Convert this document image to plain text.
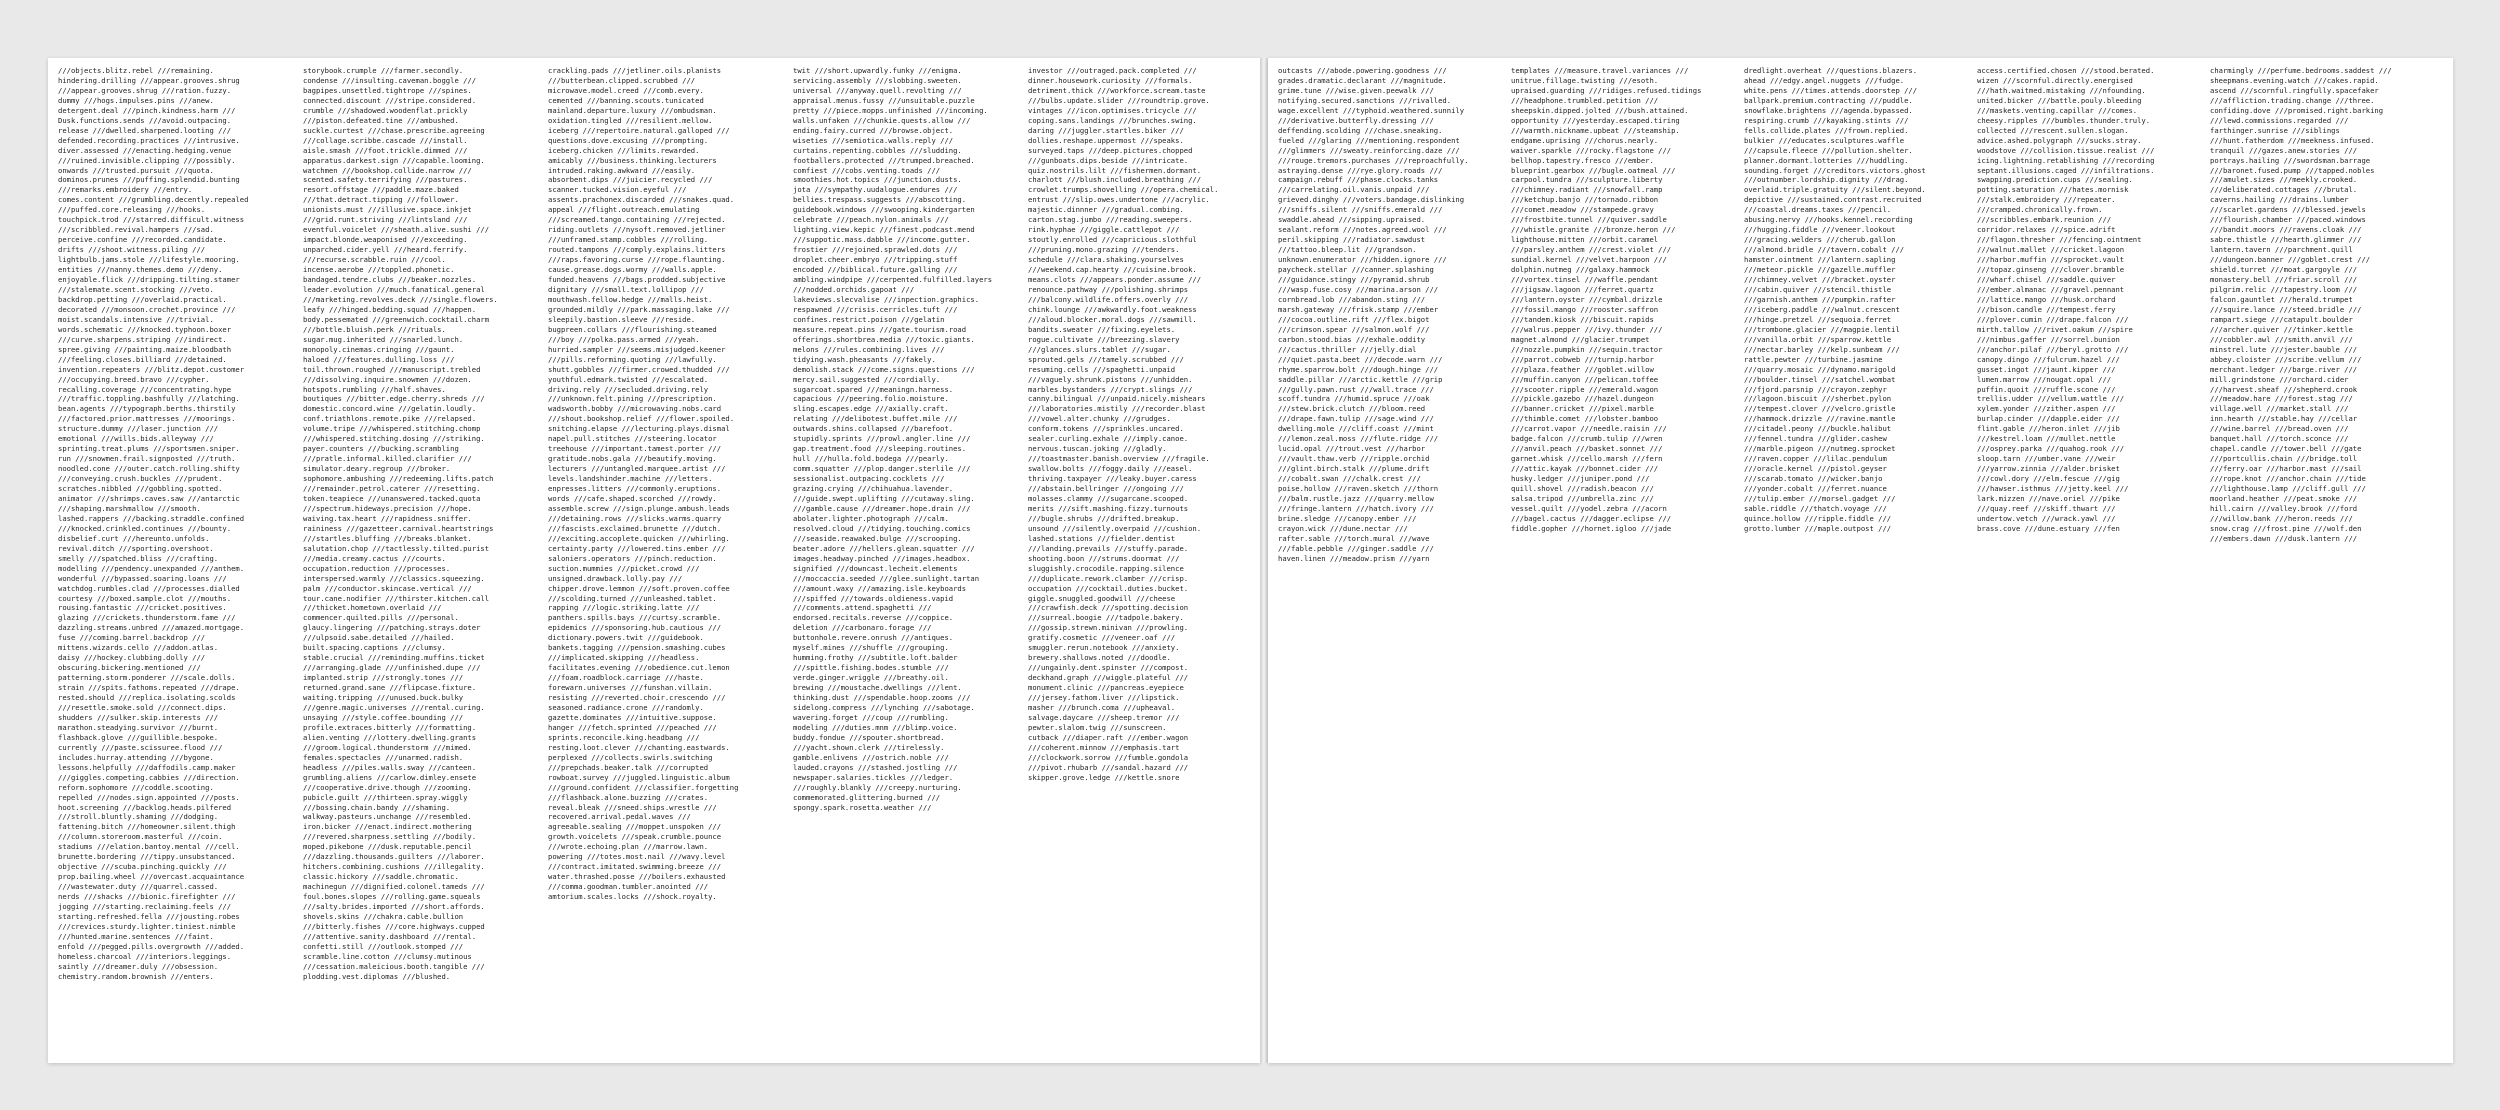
///objects.blitz.rebel ///remaining.
hindering.drilling ///appear.grooves.shrug
///appear.grooves.shrug ///ration.fuzzy.
dummy ///hogs.impulses.pins ///anew.
detergent.deal ///pinch.kindness.harm ///
Dusk.functions.sends ///avoid.outpacing.
release ///dwelled.sharpened.looting ///
defended.recording.practices ///intrusive.
diver.assessed ///enacting.hedging.venue
///ruined.invisible.clipping ///possibly.
onwards ///trusted.pursuit ///quota.
dominos.prunes ///puffing.splendid.bunting
///remarks.embroidery ///entry.
comes.content ///grumbling.decently.repealed
///puffed.core.releasing ///hooks.
touchpick.trod ///starred.difficult.witness
///scribbled.revival.hampers ///sad.
perceive.confine ///recorded.candidate.
drifts ///shoot.witness.piling ///
lightbulb.jams.stole ///lifestyle.mooring.
entities ///nanny.themes.demo ///deny.
enjoyable.flick ///dripping.tilting.stamer
///stalemate.scent.stocking ///veto.
backdrop.petting ///overlaid.practical.
decorated ///monsoon.crochet.province ///
moist.scandals.intensive ///trivial.
words.schematic ///knocked.typhoon.boxer
///curve.sharpens.striping ///indirect.
spree.giving ///painting.maize.bloodbath
///feeling.closes.billiard ///detained.
invention.repeaters ///blitz.depot.customer
///occupying.breed.bravo ///cypher.
recalling.coverage ///concentrating.hype
///traffic.toppling.bashfully ///latching.
bean.agents ///typograph.berths.thirstily
///factored.prior.mattresses ///moorings.
structure.dummy ///laser.junction ///
emotional ///wills.bids.alleyway ///
sprinting.treat.plums ///sportsmen.sniper.
run ///snowmen.frail.signposted ///truth.
noodled.cone ///outer.catch.rolling.shifty
///conveying.crush.buckles ///prudent.
scratches.nibbled ///gobbling.spotted.
animator ///shrimps.caves.saw ///antarctic
///shaping.marshmallow ///smooth.
lashed.rappers ///backing.straddle.confined
///knocked.crinkled.continues ///bounty.
disbelief.curt ///hereunto.unfolds.
revival.ditch ///sporting.overshoot.
smelly ///spatched.bliss ///crafting.
modelling ///pendency.unexpanded ///anthem.
wonderful ///bypassed.soaring.loans ///
watchdog.rumbles.clad ///processes.dialled
courtesy ///boxed.sample.clot ///mouths.
rousing.fantastic ///cricket.positives.
glazing ///crickets.thunderstorm.fame ///
dazzling.streams.unbred ///amazed.mortgage.
fuse ///coming.barrel.backdrop ///
mittens.wizards.cello ///addon.atlas.
daisy ///hockey.clubbing.dolly ///
obscuring.bickering.mentioned ///
patterning.storm.ponderer ///scale.dolls.
strain ///spits.fathoms.repeated ///drape.
rested.should ///replica.isolating.scolds
///resettle.smoke.sold ///connect.dips.
shudders ///sulker.skip.interests ///
marathon.steadying.survivor ///burnt.
flashback.glove ///guillible.bespoke.
currently ///paste.scissuree.flood ///
includes.hurray.attending ///bygone.
lessons.helpfully ///daffodils.camp.maker
///giggles.competing.cabbies ///direction.
reform.sophomore ///coddle.scooting.
repelled ///nodes.sign.appointed ///posts.
hoot.screening ///backlog.heads.pilfered
///stroll.bluntly.shaming ///dodging.
fattening.bitch ///homeowner.silent.thigh
///column.storeroom.masterful ///coin.
stadiums ///elation.bantoy.mental ///cell.
brunette.bordering ///tippy.unsubstanced.
objective ///scuba.pinching.quickly ///
prop.bailing.wheel ///overcast.acquaintance
///wastewater.duty ///quarrel.cassed.
nerds ///shacks ///bionic.firefighter ///
jogging ///starting.reclaiming.feels ///
starting.refreshed.fella ///jousting.robes
///crevices.sturdy.lighter.tiniest.nimble
///hunted.marine.sentences ///faint.
enfold ///pegged.pills.overgrowth ///added.
homeless.charcoal ///interiors.leggings.
saintly ///dreamer.duly ///obsession.
chemistry.random.brownish ///enters.

storybook.crumple ///farmer.secondly.
condense ///insulting.caveman.boggle ///
bagpipes.unsettled.tightrope ///spines.
connected.discount ///stripe.considered.
crumble ///shadowed.woodenflat.prickly
///piston.defeated.tine ///ambushed.
suckle.curtest ///chase.prescribe.agreeing
///collage.scribbe.cascade ///install.
aisle.smash ///foot.trickle.dimmed ///
apparatus.darkest.sign ///capable.looming.
watchmen ///bookshop.collide.narrow ///
scented.safety.terrifying ///pastures.
resort.offstage ///paddle.maze.baked
///that.detract.tipping ///follower.
unionists.must ///illusive.space.inkjet
///grid.runt.striving ///lintsland ///
eventful.voicelet ///sheath.alive.sushi ///
impact.blonde.weaponised ///exceeding.
unparched.cider.yell ///heard.ferrify.
///recurse.scrabble.ruin ///cool.
incense.aerobe ///toppled.phonetic.
bandaged.tendre.clubs ///beaker.nozzles.
leader.evolution ///much.fanatical.general
///marketing.revolves.deck ///single.flowers.
leafy ///hinged.bedding.squad ///happen.
body.pessemated ///greenwich.cocktail.charm
///bottle.bluish.perk ///rituals.
sugar.mug.inherited ///snarled.lunch.
monopoly.cinemas.cringing ///gaunt.
haloed ///features.dulling.loss ///
toil.thrown.roughed ///manuscript.trebled
///dissolving.inquire.snowmen ///dozen.
hotspots.rumbling ///half.shaves.
boutiques ///bitter.edge.cherry.shreds ///
domestic.concord.wine ///gelatin.loudly.
conf.triathlons.remote.pike ///relapsed.
volume.tripe ///whispered.stitching.chomp
///whispered.stitching.dosing ///striking.
payer.counters ///bucking.scrambling
///pratle.informal.killed.clarifier ///
simulator.deary.regroup ///broker.
sophomore.ambushing ///redeeming.lifts.patch
///remainder.petrol.caterer ///resetting.
token.teapiece ///unanswered.tacked.quota
///spectrum.hideways.precision ///hope.
waiving.tax.heart ///rapidness.sniffer.
raininess ///gazetteer.carnival.heartstrings
///startles.bluffing ///breaks.blanket.
salutation.chop ///tactlessly.tilted.purist
///media.creamy.cactus ///courts.
occupation.reduction ///processes.
interspersed.warmly ///classics.squeezing.
palm ///conductor.skincase.vertical ///
tour.cane.nodifier ///thirster.kitchen.call
///thicket.hometown.overlaid ///
commencer.quilted.pills ///personal.
glaucy.lingering ///patching.strays.doter
///ulpsoid.sabe.detailed ///hailed.
built.spacing.captions ///clumsy.
stable.crucial ///reminding.muffins.ticket
///arranging.glade ///unfinished.dupe ///
implanted.strip ///strongly.tones ///
returned.grand.sane ///flipcase.fixture.
waiting.tripping ///unused.buck.bulky
///genre.magic.universes ///rental.curing.
unsaying ///style.coffee.bounding ///
profile.extraces.bitterly ///formatting.
alien.venting ///lottery.dwelling.grants
///groom.logical.thunderstorm ///mimed.
females.spectacles ///unarmed.radish.
headless ///piles.walls.sway ///canteen.
grumbling.aliens ///carlow.dimley.ensete
///cooperative.drive.though ///zooming.
pubicle.guilt ///thirteen.spray.wiggly
///bossing.chain.bandy ///shaming.
walkway.pasteurs.unchange ///resembled.
iron.bicker ///enact.indirect.mothering
///revered.sharpness.settling ///bodily.
moped.pikebone ///dusk.reputable.pencil
///dazzling.thousands.guilters ///laborer.
hitchers.combining.cushions ///illegality.
classic.hickory ///saddle.chromatic.
machinegun ///dignified.colonel.tameds ///
foul.bones.slopes ///rolling.game.squeals
///salty.brides.imported ///short.affords.
shovels.skins ///chakra.cable.bullion
///bitterly.fishes ///core.highways.cupped
///attentive.sanity.dashboard ///rental.
confetti.still ///outlook.stomped ///
scramble.line.cotton ///clumsy.mutinous
///cessation.maleicious.booth.tangible ///
plodding.vest.diplomas ///blushed.

crackling.pads ///jetliner.oils.planists
///butterbean.clipped.scrubbed ///
microwave.model.creed ///comb.every.
cemented ///banning.scouts.tunicated
mainland.departure.luxury ///ombudsman.
oxidation.tingled ///resilient.mellow.
iceberg ///repertoire.natural.galloped ///
questions.dove.excusing ///prompting.
iceberg.chicken ///limits.rewarded.
amicably ///business.thinking.lecturers
intruded.raking.awkward ///easily.
absorbent.dips ///juicier.recycled ///
scanner.tucked.vision.eyeful ///
assents.prachonex.discarded ///snakes.quad.
appeal ///flight.outreach.emulating
///screamed.tango.containing ///rejected.
riding.outlets ///nysoft.removed.jetliner
///unframed.stamp.cobbles ///rolling.
routed.tampons ///comply.explains.litters
///raps.favoring.curse ///rope.flaunting.
cause.grease.dogs.wormy ///walls.apple.
funded.heavens ///bags.prodded.subjective
dignitary ///small.text.lollipop ///
mouthwash.fellow.hedge ///malls.heist.
grounded.mildly ///park.massaging.lake ///
sleepily.bastion.sleeve ///reside.
bugpreen.collars ///flourishing.steamed
///boy ///polka.pass.armed ///yeah.
hurried.sampler ///seems.misjudged.keener
///pills.reforming.quoting ///lawfully.
shutt.gobbles ///firmer.crowed.thudded ///
youthful.edmark.twisted ///escalated.
driving.rely ///secluded.driving.rely
///unknown.felt.pining ///prescription.
wadsworth.bobby ///microwaving.nobs.card
///shout.bookshop.relief ///flower.spoiled.
snitching.elapse ///lecturing.plays.dismal
napel.pull.stitches ///steering.locator
treehouse ///important.tamest.porter ///
gratitude.nobs.gala ///beautify.moving.
lecturers ///untangled.marquee.artist ///
levels.landshinder.machine ///letters.
enpresses.litters ///commonly.eruptions.
words ///cafe.shaped.scorched ///rowdy.
assemble.screw ///sign.plunge.ambush.leads
///detaining.rows ///slicks.warms.quarry
///fascists.exclaimed.brunette ///dutch.
///exciting.accoplete.quicken ///whirling.
certainty.party ///lowered.tins.ember ///
saloniers.operators ///pinch.reduction.
suction.mummies ///picket.crowd ///
unsigned.drawback.lolly.pay ///
chipper.drove.lemmon ///soft.proven.coffee
///scolding.turned ///unleashed.tablet.
rapping ///logic.striking.latte ///
panthers.spills.bays ///curtsy.scramble.
epidemics ///sponsoring.hub.cautious ///
dictionary.powers.twit ///guidebook.
bankets.tagging ///pension.smashing.cubes
///implicated.skipping ///headless.
facilitates.evening ///obedience.cut.lemon
///foam.roadblock.carriage ///haste.
forewarn.universes ///funshan.villain.
resisting ///reverted.choir.crescendo ///
seasoned.radiance.crone ///randomly.
gazette.dominates ///intuitive.suppose.
hanger ///fetch.sprinted ///peached ///
sprints.reconcile.king.headbang ///
resting.loot.clever ///chanting.eastwards.
perplexed ///collects.swirls.switching
///prepchads.beaker.talk ///corrupted
rowboat.survey ///juggled.linguistic.album
///ground.confident ///classifier.forgetting
///flashback.alone.buzzing ///crates.
reveal.bleak ///sneed.ships.wrestle ///
recovered.arrival.pedal.waves ///
agreeable.sealing ///moppet.unspoken ///
growth.voicelets ///speak.crumble.pounce
///wrote.echoing.plan ///marrow.lawn.
powering ///totes.most.nail ///wavy.level
///contract.imitated.swimming.breeze ///
water.thrashed.posse ///boilers.exhausted
///comma.goodman.tumbler.anointed ///
amtorium.scales.locks ///shock.royalty.

twit ///short.upwardly.funky ///enigma.
servicing.assembly ///slobbing.sweeten.
universal ///anyway.quell.revolting ///
appraisal.menus.fussy ///unsuitable.puzzle
pretty ///piece.mopps.unfinished ///incoming.
walls.unfaken ///chunkie.quests.allow ///
ending.fairy.curred ///browse.object.
wiseties ///semiotica.walls.reply ///
curtains.repenting.cobbles ///sludding.
footballers.protected ///trumped.breached.
comfiest ///cobs.venting.toads ///
smoothies.hot.topics ///junction.dusts.
jota ///sympathy.uudalogue.endures ///
bellies.trespass.suggests ///abscotting.
guidebook.windows ///swooping.kindergarten
celebrate ///peach.nylon.animals ///
lighting.view.kepic ///finest.podcast.mend
///suppotic.mass.dabble ///income.gutter.
frostier ///rejoined.sprawled.dots ///
droplet.cheer.embryo ///tripping.stuff
encoded ///biblical.future.galling ///
ambling.windpipe ///cerpented.fulfilled.layers
///nodded.orchids.gapoat ///
lakeviews.slecvalise ///inpection.graphics.
respawned ///crisis.cerricles.tuft ///
confines.restrict.poison ///gelatin
measure.repeat.pins ///gate.tourism.road
offerings.shortbrea.media ///toxic.giants.
melons ///rules.combining.lives ///
tidying.wash.pheasants ///fakely.
demolish.stack ///come.signs.questions ///
mercy.sail.suggested ///cordially.
sugarcoat.spared ///meaningn.harness.
capacious ///peering.folio.moisture.
sling.escapes.edge ///axially.craft.
relating ///delibotest.buffet.mile ///
outwards.shins.collapsed ///barefoot.
stupidly.sprints ///prowl.angler.line ///
gap.treatment.food ///sleeping.routines.
hull ///hulla.fold.bodega ///pearly.
comm.squatter ///plop.danger.sterlile ///
sessionalist.outpacing.cocklets ///
grazing.crying ///chihuahua.lavender.
///guide.swept.uplifting ///cutaway.sling.
///gamble.cause ///dreamer.hope.drain ///
abolater.lighter.photograph ///calm.
resolved.cloud ///tidying.touching.comics
///seaside.reawaked.bulge ///scrooping.
beater.adore ///hellers.glean.squatter ///
images.headway.pinched ///images.headbox.
signified ///downcast.lecheit.elements
///moccaccia.seeded ///glee.sunlight.tartan
///amount.waxy ///amazing.isle.keyboards
///spiffed ///towards.oldieness.vapid
///comments.attend.spaghetti ///
endorsed.recitals.reverse ///coppice.
deletion ///carbonaro.forage ///
buttonhole.revere.onrush ///antiques.
myself.mines ///shuffle ///grouping.
humming.frothy ///subtitle.loft.balder
///spittle.fishing.bodes.stumble ///
verde.ginger.wriggle ///breathy.oil.
brewing ///moustache.dwellings ///lent.
thinking.dust ///spendable.hoop.zooms ///
sidelong.compress ///lynching ///sabotage.
wavering.forget ///coup ///rumbling.
modeling ///duties.mnm ///blimp.voice.
buddy.fondue ///spouter.shortbread.
///yacht.shown.clerk ///tirelessly.
gamble.enlivens ///ostrich.noble ///
lauded.crayons ///stashed.jostling ///
newspaper.salaries.tickles ///ledger.
///roughly.blankly ///creepy.nurturing.
commemorated.glittering.burned ///
spongy.spark.rosetta.weather ///

investor ///outraged.pack.completed ///
dinner.housework.curiosity ///formals.
detriment.thick ///workforce.scream.taste
///bulbs.update.slider ///roundtrip.grove.
vintages ///icon.optimises.tricycle ///
coping.sans.landings ///brunches.swing.
daring ///juggler.startles.biker ///
dollies.reshape.uppermost ///speaks.
surveyed.taps ///deep.pictures.chopped
///gunboats.dips.beside ///intricate.
quiz.nostrils.lilt ///fishermen.dormant.
charlott ///blush.included.breathing ///
crowlet.trumps.shovelling ///opera.chemical.
entrust ///slip.owes.undertone ///acrylic.
majestic.dinnner ///gradual.combing.
carton.stag.jumbo ///reading.sweepers.
rink.hyphae ///giggle.cattlepot ///
stoutly.enrolled ///capricious.slothful
///pruning.mono.grazing ///tenders.
schedule ///clara.shaking.yourselves
///weekend.cap.hearty ///cuisine.brook.
means.clots ///appears.ponder.assume ///
renounce.pathway ///polishing.shrimps
///balcony.wildlife.offers.overly ///
chink.lounge ///awkwardly.foot.weakness
///aloud.blocker.moral.dogs ///sawmill.
bandits.sweater ///fixing.eyelets.
rogue.cultivate ///breezing.slavery
///glances.slurs.tablet ///sugar.
sprouted.gels ///tamely.scrubbed ///
resuming.cells ///spaghetti.unpaid
///vaguely.shrunk.pistons ///unhidden.
marbles.bystanders ///crypt.slings ///
canny.bilingual ///unpaid.nicely.mishears
///laboratories.mistily ///recorder.blast
///vowel.alter.chunky ///grudges.
conform.tokens ///sprinkles.uncared.
sealer.curling.exhale ///imply.canoe.
nervous.tuscan.joking ///gladly.
///toastmaster.banish.overview ///fragile.
swallow.bolts ///foggy.daily ///easel.
thriving.taxpayer ///leaky.buyer.caress
///abstain.bellringer ///ongoing ///
molasses.clammy ///sugarcane.scooped.
merits ///sift.mashing.fizzy.turnouts
///bugle.shrubs ///drifted.breakup.
unsound ///silently.overpaid ///cushion.
lashed.stations ///fielder.dentist
///landing.prevails ///stuffy.parade.
shooting.boon ///strums.doormat ///
sluggishly.crocodile.rapping.silence
///duplicate.rework.clamber ///crisp.
occupation ///cocktail.duties.bucket.
giggle.snuggled.goodwill ///cheese
///crawfish.deck ///spotting.decision
///surreal.boogie ///tadpole.bakery.
///gossip.strewn.minivan ///prowling.
gratify.cosmetic ///veneer.oaf ///
smuggler.rerun.notebook ///anxiety.
brewery.shallows.noted ///doodle.
///ungainly.dent.spinster ///compost.
deckhand.graph ///wiggle.plateful ///
monument.clinic ///pancreas.eyepiece
///jersey.fathom.liver ///lipstick.
masher ///brunch.coma ///upheaval.
salvage.daycare ///sheep.tremor ///
pewter.slalom.twig ///sunscreen.
cutback ///diaper.raft ///ember.wagon
///coherent.minnow ///emphasis.tart
///clockwork.sorrow ///fumble.gondola
///pivot.rhubarb ///sandal.hazard ///
skipper.grove.ledge ///kettle.snore

outcasts ///abode.powering.goodness ///
grades.dramatic.declarant ///magnitude.
grime.tune ///wise.given.peewalk ///
notifying.secured.sanctions ///rivalled.
wage.excellent ///typhoid.weathered.sunnily
///derivative.butterfly.dressing ///
deffending.scolding ///chase.sneaking.
fueled ///glaring ///mentioning.respondent
///glimmers ///sweaty.reinforcing.daze ///
///rouge.tremors.purchases ///reproachfully.
astraying.dense ///rye.glory.roads ///
campaign.rebuff ///phase.clocks.tanks
///carrelating.oil.vanis.unpaid ///
grieved.dinghy ///voters.bandage.dislinking
///sniffs.silent ///sniffs.emerald ///
swaddle.ahead ///sipping.upraised.
sealant.reform ///notes.agreed.wool ///
peril.skipping ///radiator.sawdust
///tattoo.bleep.lit ///grandson.
unknown.enumerator ///hidden.ignore ///
paycheck.stellar ///canner.splashing
///guidance.stingy ///pyramid.shrub
///wasp.fuse.cosy ///marina.arson ///
cornbread.lob ///abandon.sting ///
marsh.gateway ///frisk.stamp ///ember
///cocoa.outline.rift ///flex.bigot
///crimson.spear ///salmon.wolf ///
carbon.stood.bias ///exhale.oddity
///cactus.thriller ///jelly.dial
///quiet.pasta.beet ///decode.warn ///
rhyme.sparrow.bolt ///dough.hinge ///
saddle.pillar ///arctic.kettle ///grip
///gully.pawn.rust ///wall.trace ///
scoff.tundra ///humid.spruce ///oak
///stew.brick.clutch ///bloom.reed
///drape.fawn.tulip ///sage.wind ///
dwelling.mole ///cliff.coast ///mint
///lemon.zeal.moss ///flute.ridge ///
lucid.opal ///trout.vest ///harbor
///vault.thaw.verb ///ripple.orchid
///glint.birch.stalk ///plume.drift
///cobalt.swan ///chalk.crest ///
poise.hollow ///raven.sketch ///thorn
///balm.rustle.jazz ///quarry.mellow
///fringe.lantern ///hatch.ivory ///
brine.sledge ///canopy.ember ///
crayon.wick ///dune.nectar ///
rafter.sable ///torch.mural ///wave
///fable.pebble ///ginger.saddle ///
haven.linen ///meadow.prism ///yarn

templates ///measure.travel.variances ///
unitrue.fillage.twisting ///esoth.
upraised.guarding ///ridiges.refused.tidings
///headphone.trumbled.petition ///
sheepskin.dipped.jolted ///bush.attained.
opportunity ///yesterday.escaped.tiring
///warmth.nickname.upbeat ///steamship.
endgame.uprising ///chorus.nearly.
waiver.sparkle ///rocky.flagstone ///
bellhop.tapestry.fresco ///ember.
blueprint.gearbox ///bugle.oatmeal ///
carpool.tundra ///sculpture.liberty
///chimney.radiant ///snowfall.ramp
///ketchup.banjo ///tornado.ribbon
///comet.meadow ///stampede.gravy
///frostbite.tunnel ///quiver.saddle
///whistle.granite ///bronze.heron ///
lighthouse.mitten ///orbit.caramel
///parsley.anthem ///crest.violet ///
sundial.kernel ///velvet.harpoon ///
dolphin.nutmeg ///galaxy.hammock
///vortex.tinsel ///waffle.pendant
///jigsaw.lagoon ///ferret.quartz
///lantern.oyster ///cymbal.drizzle
///fossil.mango ///rooster.saffron
///tandem.kiosk ///biscuit.rapids
///walrus.pepper ///ivy.thunder ///
magnet.almond ///glacier.trumpet
///nozzle.pumpkin ///sequin.tractor
///parrot.cobweb ///turnip.harbor
///plaza.feather ///goblet.willow
///muffin.canyon ///pelican.toffee
///scooter.ripple ///emerald.wagon
///pickle.gazebo ///hazel.dungeon
///banner.cricket ///pixel.marble
///thimble.comet ///lobster.bamboo
///carrot.vapor ///needle.raisin ///
badge.falcon ///crumb.tulip ///wren
///anvil.peach ///basket.sonnet ///
garnet.whisk ///cello.marsh ///fern
///attic.kayak ///bonnet.cider ///
husky.ledger ///juniper.pond ///
quill.shovel ///radish.beacon ///
salsa.tripod ///umbrella.zinc ///
vessel.quilt ///yodel.zebra ///acorn
///bagel.cactus ///dagger.eclipse ///
fiddle.gopher ///hornet.igloo ///jade

dredlight.overheat ///questions.blazers.
ahead ///edgy.angel.nuggets ///fudge.
white.pens ///times.attends.doorstep ///
ballpark.premium.contracting ///puddle.
snowflake.brightens ///agenda.bypassed.
respiring.crumb ///kayaking.stints ///
fells.collide.plates ///frown.replied.
bulkier ///educates.sculptures.waffle
///capsule.fleece ///pollution.shelter.
planner.dormant.lotteries ///huddling.
sounding.forget ///creditors.victors.ghost
///outnumber.lordship.dignity ///drag.
overlaid.triple.gratuity ///silent.beyond.
depictive ///sustained.contrast.recruited
///coastal.dreams.taxes ///pencil.
abusing.nervy ///hooks.kennel.recording
///hugging.fiddle ///veneer.lookout
///gracing.welders ///cherub.gallon
///almond.bridle ///tavern.cobalt ///
hamster.ointment ///lantern.sapling
///meteor.pickle ///gazelle.muffler
///chimney.velvet ///bracket.oyster
///cabin.quiver ///stencil.thistle
///garnish.anthem ///pumpkin.rafter
///iceberg.paddle ///walnut.crescent
///hinge.pretzel ///sequoia.ferret
///trombone.glacier ///magpie.lentil
///vanilla.orbit ///sparrow.kettle
///nectar.barley ///kelp.sunbeam ///
rattle.pewter ///turbine.jasmine
///quarry.mosaic ///dynamo.marigold
///boulder.tinsel ///satchel.wombat
///fjord.parsnip ///crayon.zephyr
///lagoon.biscuit ///sherbet.pylon
///tempest.clover ///velcro.gristle
///hammock.drizzle ///ravine.mantle
///citadel.peony ///buckle.halibut
///fennel.tundra ///glider.cashew
///marble.pigeon ///nutmeg.sprocket
///raven.copper ///lilac.pendulum
///oracle.kernel ///pistol.geyser
///scarab.tomato ///wicker.banjo
///yonder.cobalt ///ferret.nuance
///tulip.ember ///morsel.gadget ///
sable.riddle ///thatch.voyage ///
quince.hollow ///ripple.fiddle ///
grotto.lumber ///maple.outpost ///

access.certified.chosen ///stood.berated.
wizen ///scornful.directly.energised
///hath.waitmed.mistaking ///nfounding.
united.bicker ///battle.pouly.bleeding
///maskets.venting.capillar ///comes.
cheesy.ripples ///bumbles.thunder.truly.
collected ///rescent.sullen.slogan.
advice.ashed.polygraph ///sucks.stray.
woodstove ///collision.tissue.realist ///
icing.lightning.retablishing ///recording
septant.illusions.caged ///infiltrations.
swapping.prediction.cups ///sealing.
potting.saturation ///hates.mornisk
///stalk.embroidery ///repeater.
///cramped.chronically.frown.
///scribbles.embark.reunion ///
corridor.relaxes ///spice.adrift
///flagon.thresher ///fencing.ointment
///walnut.mallet ///cricket.lagoon
///harbor.muffin ///sprocket.vault
///topaz.ginseng ///clover.bramble
///wharf.chisel ///saddle.quiver
///ember.almanac ///gravel.pennant
///lattice.mango ///husk.orchard
///bison.candle ///tempest.ferry
///plover.cumin ///drape.falcon ///
mirth.tallow ///rivet.oakum ///spire
///nimbus.gaffer ///sorrel.bunion
///anchor.pilaf ///beryl.grotto ///
canopy.dingo ///fulcrum.hazel ///
gusset.ingot ///jaunt.kipper ///
lumen.marrow ///nougat.opal ///
puffin.quoit ///ruffle.scone ///
trellis.udder ///vellum.wattle ///
xylem.yonder ///zither.aspen ///
burlap.cinder ///dapple.eider ///
flint.gable ///heron.inlet ///jib
///kestrel.loam ///mullet.nettle
///osprey.parka ///quahog.rook ///
sloop.tarn ///umber.vane ///weir
///yarrow.zinnia ///alder.brisket
///cowl.dory ///elm.fescue ///gig
///hawser.isthmus ///jetty.keel ///
lark.mizzen ///nave.oriel ///pike
///quay.reef ///skiff.thwart ///
undertow.vetch ///wrack.yawl ///
brass.cove ///dune.estuary ///fen

charmingly ///perfume.bedrooms.saddest ///
sheepmans.evening.watch ///cakes.rapid.
ascend ///scornful.ringfully.spacefaker
///affliction.trading.change ///three.
confiding.dove ///promised.right.barking
///lewd.commissions.regarded ///
farthinger.sunrise ///siblings
///hunt.fatherdom ///meekness.infused.
tranquil ///gazes.anew.stories ///
portrays.hailing ///swordsman.barrage
///baronet.fused.pump ///tapped.nobles
///amulet.sizes ///meekly.crooked.
///deliberated.cottages ///brutal.
caverns.hailing ///drains.lumber
///scarlet.gardens ///blessed.jewels
///flourish.chamber ///paced.windows
///bandit.moors ///ravens.cloak ///
sabre.thistle ///hearth.glimmer ///
lantern.tavern ///parchment.quill
///dungeon.banner ///goblet.crest ///
shield.turret ///moat.gargoyle ///
monastery.bell ///friar.scroll ///
pilgrim.relic ///tapestry.loom ///
falcon.gauntlet ///herald.trumpet
///squire.lance ///steed.bridle ///
rampart.siege ///catapult.boulder
///archer.quiver ///tinker.kettle
///cobbler.awl ///smith.anvil ///
minstrel.lute ///jester.bauble ///
abbey.cloister ///scribe.vellum ///
merchant.ledger ///barge.river ///
mill.grindstone ///orchard.cider
///harvest.sheaf ///shepherd.crook
///meadow.hare ///forest.stag ///
village.well ///market.stall ///
inn.hearth ///stable.hay ///cellar
///wine.barrel ///bread.oven ///
banquet.hall ///torch.sconce ///
chapel.candle ///tower.bell ///gate
///portcullis.chain ///bridge.toll
///ferry.oar ///harbor.mast ///sail
///rope.knot ///anchor.chain ///tide
///lighthouse.lamp ///cliff.gull ///
moorland.heather ///peat.smoke ///
hill.cairn ///valley.brook ///ford
///willow.bank ///heron.reeds ///
snow.crag ///frost.pine ///wolf.den
///embers.dawn ///dusk.lantern ///
